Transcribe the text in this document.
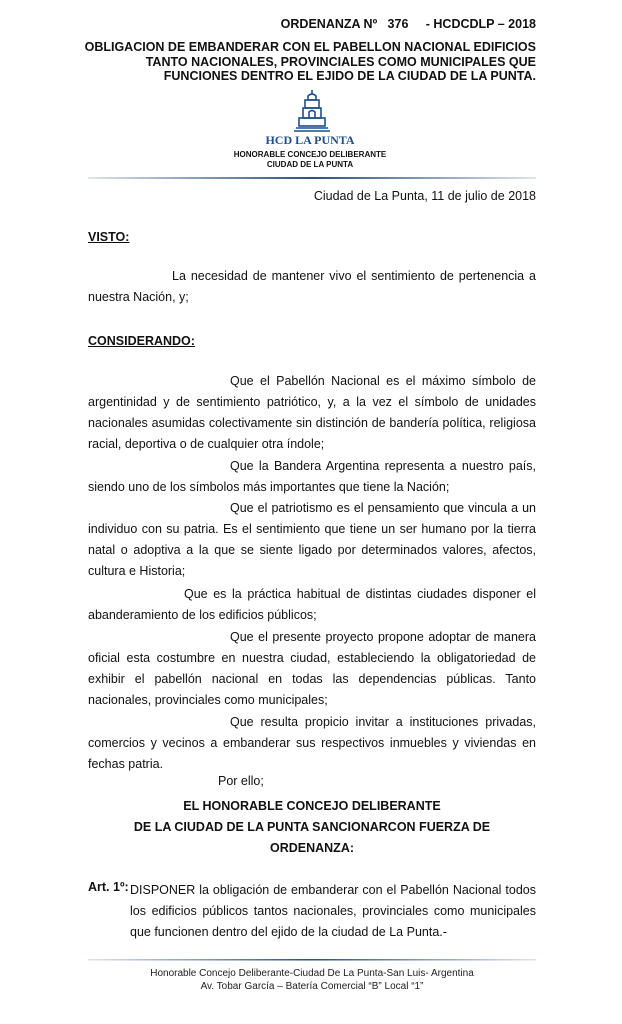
ORDENANZA Nº   376     - HCDCDLP – 2018
OBLIGACION DE EMBANDERAR CON EL PABELLON NACIONAL EDIFICIOS
TANTO NACIONALES, PROVINCIALES COMO MUNICIPALES QUE
FUNCIONES DENTRO EL EJIDO DE LA CIUDAD DE LA PUNTA.
HCD LA PUNTA
HONORABLE CONCEJO DELIBERANTE
CIUDAD DE LA PUNTA
Ciudad de La Punta, 11 de julio de 2018
VISTO:
La necesidad de mantener vivo el sentimiento de pertenencia a nuestra Nación, y;
CONSIDERANDO:
Que el Pabellón Nacional es el máximo símbolo de argentinidad y de sentimiento patriótico, y, a la vez el símbolo de unidades nacionales asumidas colectivamente sin distinción de bandería política, religiosa racial, deportiva o de cualquier otra índole;
Que la Bandera Argentina representa a nuestro país, siendo uno de los símbolos más importantes que tiene la Nación;
Que el patriotismo es el pensamiento que vincula a un individuo con su patria. Es el sentimiento que tiene un ser humano por la tierra natal o adoptiva a la que se siente ligado por determinados valores, afectos, cultura e Historia;
Que es la práctica habitual de distintas ciudades disponer el abanderamiento de los edificios públicos;
Que el presente proyecto propone adoptar de manera oficial esta costumbre en nuestra ciudad, estableciendo la obligatoriedad de exhibir el pabellón nacional en todas las dependencias públicas. Tanto nacionales, provinciales como municipales;
Que resulta propicio invitar a instituciones privadas, comercios y vecinos a embanderar sus respectivos inmuebles y viviendas en fechas patria.
Por ello;
EL HONORABLE CONCEJO DELIBERANTE
DE LA CIUDAD DE LA PUNTA SANCIONARCON FUERZA DE
ORDENANZA:
Art. 1º: DISPONER la obligación de embanderar con el Pabellón Nacional todos los edificios públicos tantos nacionales, provinciales como municipales que funcionen dentro del ejido de la ciudad de La Punta.-
Honorable Concejo Deliberante-Ciudad De La Punta-San Luis- Argentina
Av. Tobar García – Batería Comercial “B” Local “1”
